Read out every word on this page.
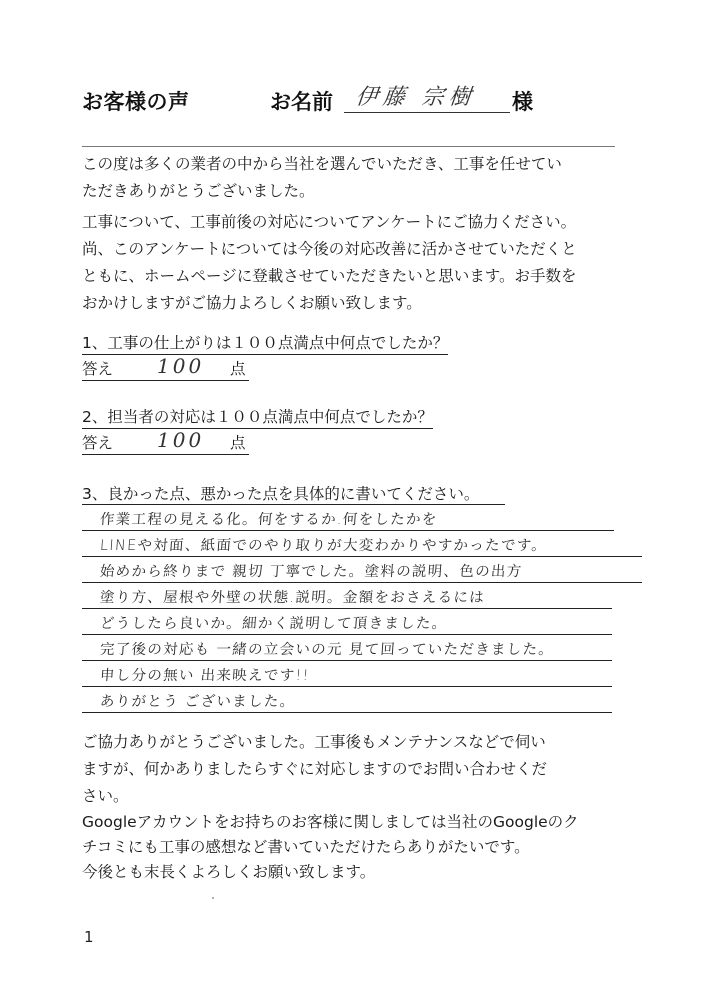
お客様の声	お名前 伊藤 宗樹 様

この度は多くの業者の中から当社を選んでいただき、工事を任せてい

ただきありがとうございました。

工事について、工事前後の対応についてアンケートにご協力ください。

尚、このアンケートについては今後の対応改善に活かさせていただくと

ともに、ホームページに登載させていただきたいと思います。お手数を

おかけしますがご協力よろしくお願い致します。

1、工事の仕上がりは１００点満点中何点でしたか？
答え 100 点
2、担当者の対応は１００点満点中何点でしたか？
答え 100 点
3、良かった点、悪かった点を具体的に書いてください。
作業工程の見える化。何をするか.何をしたかを
LINEや対面、紙面でのやり取りが大変わかりやすかったです。
始めから終りまで 親切 丁寧でした。塗料の説明、色の出方
塗り方、屋根や外壁の状態.説明。金額をおさえるには
どうしたら良いか。細かく説明して頂きました。
完了後の対応も 一緒の立会いの元 見て回っていただきました。
申し分の無い 出来映えです!!
ありがとう ございました。

ご協力ありがとうございました。工事後もメンテナンスなどで伺い

ますが、何かありましたらすぐに対応しますのでお問い合わせくだ

さい。

Googleアカウントをお持ちのお客様に関しましては当社のGoogleのク

チコミにも工事の感想など書いていただけたらありがたいです。

今後とも末長くよろしくお願い致します。

1
